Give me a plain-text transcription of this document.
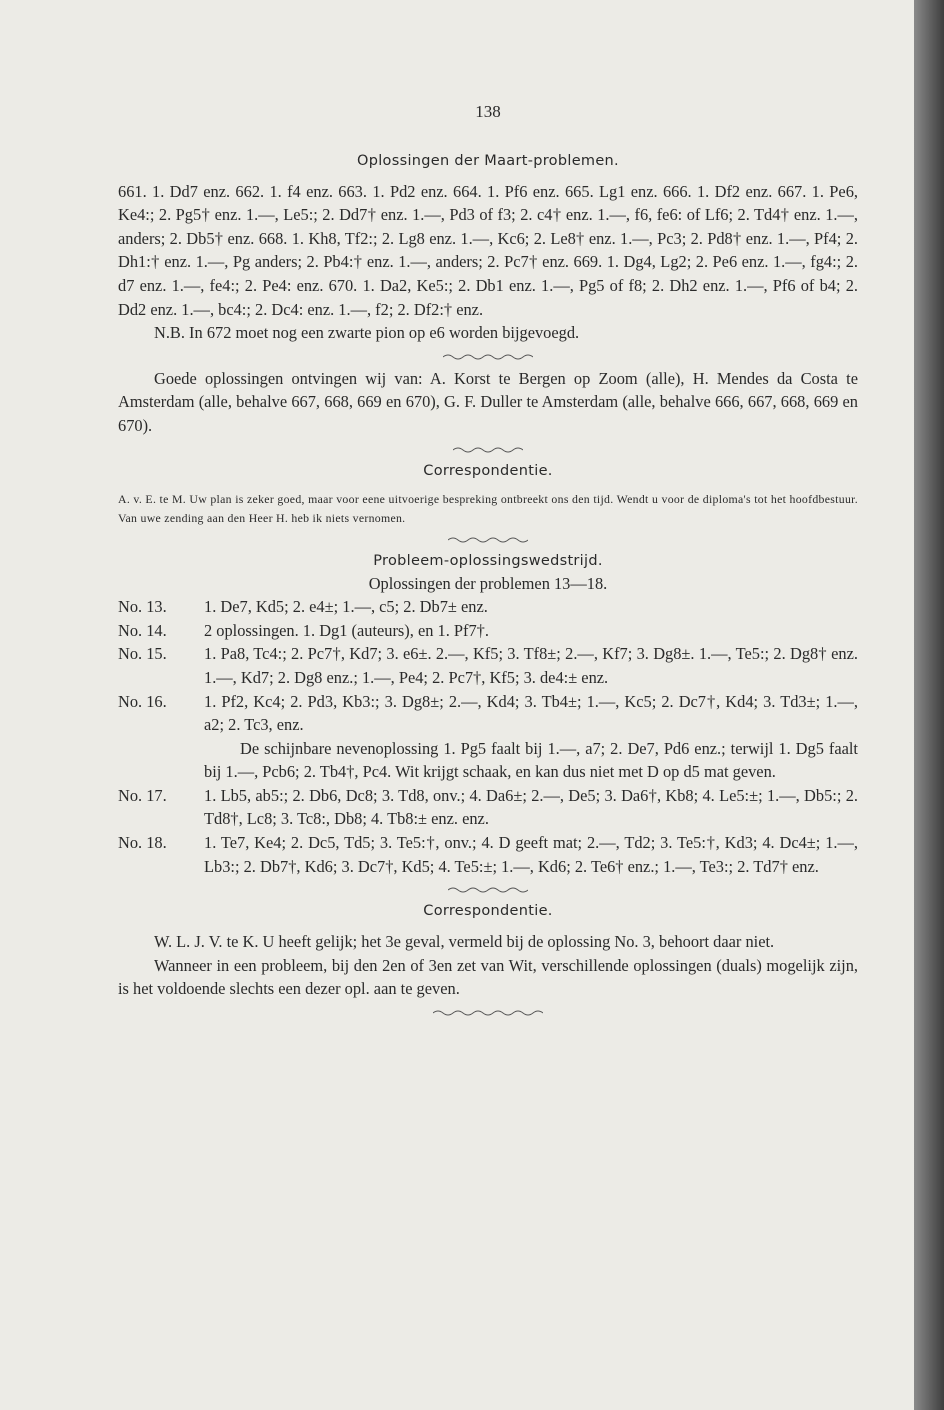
138
Oplossingen der Maart-problemen.

661. 1. Dd7 enz. 662. 1. f4 enz. 663. 1. Pd2 enz. 664. 1. Pf6 enz. 665. Lg1 enz. 666. 1. Df2 enz. 667. 1. Pe6, Ke4:; 2. Pg5† enz. 1.—, Le5:; 2. Dd7† enz. 1.—, Pd3 of f3; 2. c4† enz. 1.—, f6, fe6: of Lf6; 2. Td4† enz. 1.—, anders; 2. Db5† enz. 668. 1. Kh8, Tf2:; 2. Lg8 enz. 1.—, Kc6; 2. Le8† enz. 1.—, Pc3; 2. Pd8† enz. 1.—, Pf4; 2. Dh1:† enz. 1.—, Pg anders; 2. Pb4:† enz. 1.—, anders; 2. Pc7† enz. 669. 1. Dg4, Lg2; 2. Pe6 enz. 1.—, fg4:; 2. d7 enz. 1.—, fe4:; 2. Pe4: enz. 670. 1. Da2, Ke5:; 2. Db1 enz. 1.—, Pg5 of f8; 2. Dh2 enz. 1.—, Pf6 of b4; 2. Dd2 enz. 1.—, bc4:; 2. Dc4: enz. 1.—, f2; 2. Df2:† enz.

N.B. In 672 moet nog een zwarte pion op e6 worden bijgevoegd.

Goede oplossingen ontvingen wij van: A. Korst te Bergen op Zoom (alle), H. Mendes da Costa te Amsterdam (alle, behalve 667, 668, 669 en 670), G. F. Duller te Amsterdam (alle, behalve 666, 667, 668, 669 en 670).

Correspondentie.

A. v. E. te M. Uw plan is zeker goed, maar voor eene uitvoerige bespreking ontbreekt ons den tijd. Wendt u voor de diploma's tot het hoofdbestuur. Van uwe zending aan den Heer H. heb ik niets vernomen.

Probleem-oplossingswedstrijd.

Oplossingen der problemen 13—18.

No. 13.	1. De7, Kd5; 2. e4±; 1.—, c5; 2. Db7± enz.
No. 14.	2 oplossingen. 1. Dg1 (auteurs), en 1. Pf7†.
No. 15.	1. Pa8, Tc4:; 2. Pc7†, Kd7; 3. e6±. 2.—, Kf5; 3. Tf8±; 2.—, Kf7; 3. Dg8±. 1.—, Te5:; 2. Dg8† enz. 1.—, Kd7; 2. Dg8 enz.; 1.—, Pe4; 2. Pc7†, Kf5; 3. de4:± enz.
No. 16.	1. Pf2, Kc4; 2. Pd3, Kb3:; 3. Dg8±; 2.—, Kd4; 3. Tb4±; 1.—, Kc5; 2. Dc7†, Kd4; 3. Td3±; 1.—, a2; 2. Tc3, enz.

De schijnbare nevenoplossing 1. Pg5 faalt bij 1.—, a7; 2. De7, Pd6 enz.; terwijl 1. Dg5 faalt bij 1.—, Pcb6; 2. Tb4†, Pc4. Wit krijgt schaak, en kan dus niet met D op d5 mat geven.

No. 17.	1. Lb5, ab5:; 2. Db6, Dc8; 3. Td8, onv.; 4. Da6±; 2.—, De5; 3. Da6†, Kb8; 4. Le5:±; 1.—, Db5:; 2. Td8†, Lc8; 3. Tc8:, Db8; 4. Tb8:± enz. enz.
No. 18.	1. Te7, Ke4; 2. Dc5, Td5; 3. Te5:†, onv.; 4. D geeft mat; 2.—, Td2; 3. Te5:†, Kd3; 4. Dc4±; 1.—, Lb3:; 2. Db7†, Kd6; 3. Dc7†, Kd5; 4. Te5:±; 1.—, Kd6; 2. Te6† enz.; 1.—, Te3:; 2. Td7† enz.
Correspondentie.

W. L. J. V. te K. U heeft gelijk; het 3e geval, vermeld bij de oplossing No. 3, behoort daar niet.

Wanneer in een probleem, bij den 2en of 3en zet van Wit, verschillende oplossingen (duals) mogelijk zijn, is het voldoende slechts een dezer opl. aan te geven.
